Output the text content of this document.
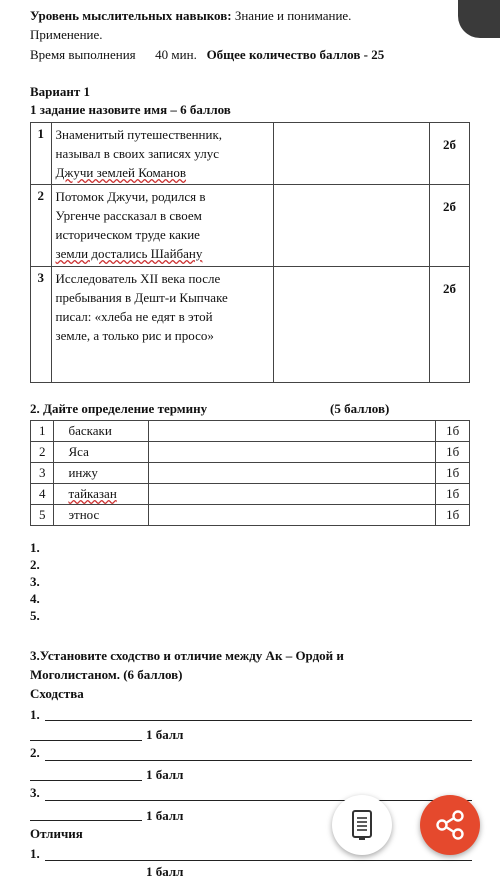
Уровень мыслительных навыков: Знание и понимание.
Применение.
Время выполнения 40 мин. Общее количество баллов - 25
Вариант 1
1 задание назовите имя – 6 баллов
1	Знаменитый путешественник,
называл в своих записях улус
Джучи землей Команов		2б
2	Потомок Джучи, родился в
Ургенче рассказал в своем
историческом труде какие
земли достались Шайбану		2б
3	Исследователь XII века после
пребывания в Дешт-и Кыпчаке
писал: «хлеба не едят в этой
земле, а только рис и просо»		2б
2. Дайте определение термину	(5 баллов)
1	баскаки		1б
2	Яса		1б
3	инжу		1б
4	тайказан		1б
5	этнос		1б
1.
2.
3.
4.
5.
3.Установите сходство и отличие между Ак – Ордой и
Моголистаном. (6 баллов)
Сходства
1.
1 балл
2.
1 балл
3.
1 балл
Отличия
1.
1 балл
